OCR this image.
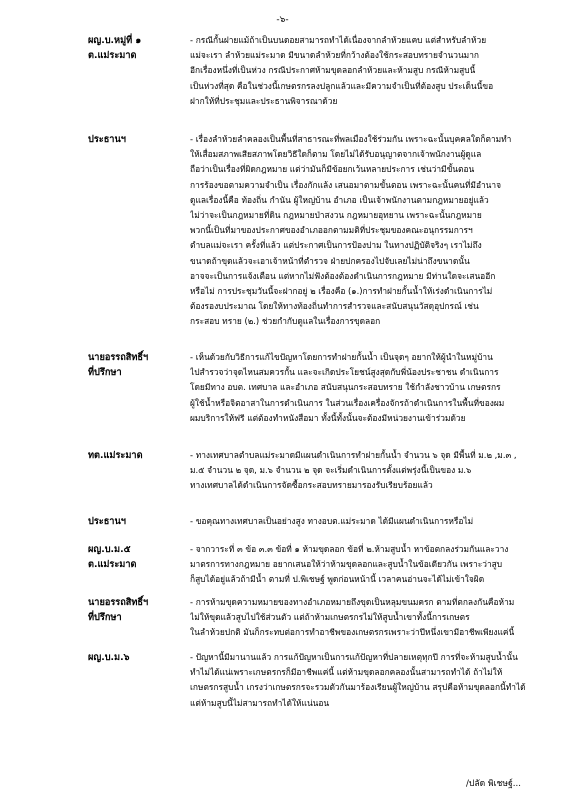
-๖-
ผญ.บ.หมู่ที่ ๑
ต.แม่ระมาด
- กรณีกั้นฝายแม้ถ้าเป็นบนดอยสามารถทำได้เนื่องจากลำห้วยแคบ แต่สำหรับลำห้วย
แม่จะเรา ลำห้วยแม่ระมาด มีขนาดลำห้วยที่กว้างต้องใช้กระสอบทรายจำนวนมาก
อีกเรื่องหนึ่งที่เป็นห่วง กรณีประกาศห้ามขุดลอกลำห้วยและห้ามสูบ กรณีห้ามสูบนี้
เป็นห่วงที่สุด คือในช่วงนี้เกษตรกรลงปลูกแล้วและมีความจำเป็นที่ต้องสูบ ประเด็นนี้ขอ
ฝากให้ที่ประชุมและประธานพิจารณาด้วย
ประธานฯ	- เรื่องลำห้วยลำคลองเป็นพื้นที่สาธารณะที่พลเมืองใช้ร่วมกัน เพราะฉะนั้นบุคคลใดก็ตามทำ
ให้เสื่อมสภาพเสียสภาพโดยวิธีใดก็ตาม โดยไม่ได้รับอนุญาตจากเจ้าพนักงานผู้ดูแล
ถือว่าเป็นเรื่องที่ผิดกฎหมาย แต่ว่ามันก็มีข้อยกเว้นหลายประการ เช่นว่ามีขั้นตอน
การร้องขอตามความจำเป็น เรื่องกักแล้ง เสนอมาตามขั้นตอน เพราะฉะนั้นคนที่มีอำนาจ
ดูแลเรื่องนี้คือ ท้องถิ่น กำนัน ผู้ใหญ่บ้าน อำเภอ เป็นเจ้าพนักงานตามกฎหมายอยู่แล้ว
ไม่ว่าจะเป็นกฎหมายที่ดิน กฎหมายป่าสงวน กฎหมายอุทยาน เพราะฉะนั้นกฎหมาย
พวกนี้เป็นที่มาของประกาศของอำเภออกตามมติที่ประชุมของคณะอนุกรรมการฯ
ตำบลแม่จะเรา ครั้งที่แล้ว แต่ประกาศเป็นการป้องปาม ในทางปฏิบัติจริงๆ เราไม่ถึง
ขนาดถ้าขุดแล้วจะเอาเจ้าหน้าที่ตำรวจ ฝ่ายปกครองไปจับเลยไม่น่าถึงขนาดนั้น
อาจจะเป็นการแจ้งเตือน แต่หากไม่ฟังต้องต้องดำเนินการกฎหมาย มีท่านใดจะเสนออีก
หรือไม่ การประชุมวันนี้จะฝากอยู่ ๒ เรื่องคือ (๑.)การทำฝายกั้นน้ำให้เร่งดำเนินการไม่
ต้องรองบประมาณ โดยให้ทางท้องถิ่นทำการสำรวจและสนับสนุนวัสดุอุปกรณ์ เช่น
กระสอบ ทราย (๒.) ช่วยกำกับดูแลในเรื่องการขุดลอก
นายอรรถสิทธิ์ฯ
ที่ปรึกษา
- เห็นด้วยกับวิธีการแก้ไขปัญหาโดยการทำฝายกั้นน้ำ เป็นจุดๆ อยากให้ผู้นำในหมู่บ้าน
ไปสำรวจว่าจุดไหนสมควรกั้น และจะเกิดประโยชน์สูงสุดกับพี่น้องประชาชน ดำเนินการ
โดยมีทาง อบต. เทศบาล และอำเภอ สนับสนุนกระสอบทราย ใช้กำลังชาวบ้าน เกษตรกร
ผู้ใช้น้ำหรือจิตอาสาในการดำเนินการ ในส่วนเรื่องเครื่องจักรถ้าดำเนินการในพื้นที่ของผม
ผมบริการให้ฟรี แต่ต้องทำหนังสือมา ทั้งนี้ทั้งนั้นจะต้องมีหน่วยงานเข้าร่วมด้วย
ทต.แม่ระมาด	- ทางเทศบาลตำบลแม่ระมาดมีแผนดำเนินการทำฝายกั้นน้ำ จำนวน ๖ จุด มีพื้นที่ ม.๒ ,ม.๓ ,
ม.๕ จำนวน ๒ จุด, ม.๖ จำนวน ๒ จุด จะเริ่มดำเนินการตั้งแต่พรุ่งนี้เป็นของ ม.๖
ทางเทศบาลได้ดำเนินการจัดซื้อกระสอบทรายมารองรับเรียบร้อยแล้ว
ประธานฯ	- ขอคุณทางเทศบาลเป็นอย่างสูง ทางอบต.แม่ระมาด ได้มีแผนดำเนินการหรือไม่
ผญ.บ.ม.๕
ต.แม่ระมาด
- จากวาระที่ ๓ ข้อ ๓.๓ ข้อที่ ๑ ห้ามขุดลอก ข้อที่ ๒.ห้ามสูบน้ำ หาข้อตกลงร่วมกันและวาง
มาตรการทางกฎหมาย อยากเสนอให้ว่าห้ามขุดลอกและสูบน้ำในข้อเดียวกัน เพราะว่าสูบ
ก็สูบได้อยู่แล้วถ้ามีน้ำ ตามที่ ป.พิเชษฐ์ พูดก่อนหน้านี้ เวลาคนอ่านจะได้ไม่เข้าใจผิด
นายอรรถสิทธิ์ฯ
ที่ปรึกษา
- การห้ามขุดความหมายของทางอำเภอหมายถึงขุดเป็นหลุมขนมครก ตามที่ตกลงกันคือห้าม
ไม่ให้ขุดแล้วสูบไปใช้ส่วนตัว แต่ถ้าห้ามเกษตรกรไม่ให้สูบน้ำเขาทั้งนี้การเกษตร
ในลำห้วยปกติ มันก็กระทบต่อการทำอาชีพของเกษตรกรเพราะว่าปีหนึ่งเขามีอาชีพเพียงแค่นี้
ผญ.บ.ม.๖	- ปัญหานี้มีมานานแล้ว การแก้ปัญหาเป็นการแก้ปัญหาที่ปลายเหตุทุกปี การที่จะห้ามสูบน้ำนั้น
ทำไม่ได้แน่เพราะเกษตรกรก็มีอาชีพแค่นี้ แต่ห้ามขุดลอกคลองนั้นสามารถทำได้ ถ้าไม่ให้
เกษตรกรสูบน้ำ เกรงว่าเกษตรกรจะรวมตัวกันมาร้องเรียนผู้ใหญ่บ้าน สรุปคือห้ามขุดลอกนี้ทำได้
แต่ห้ามสูบนี้ไม่สามารถทำได้ให้แน่นอน
/ปลัด พิเชษฐ์...
